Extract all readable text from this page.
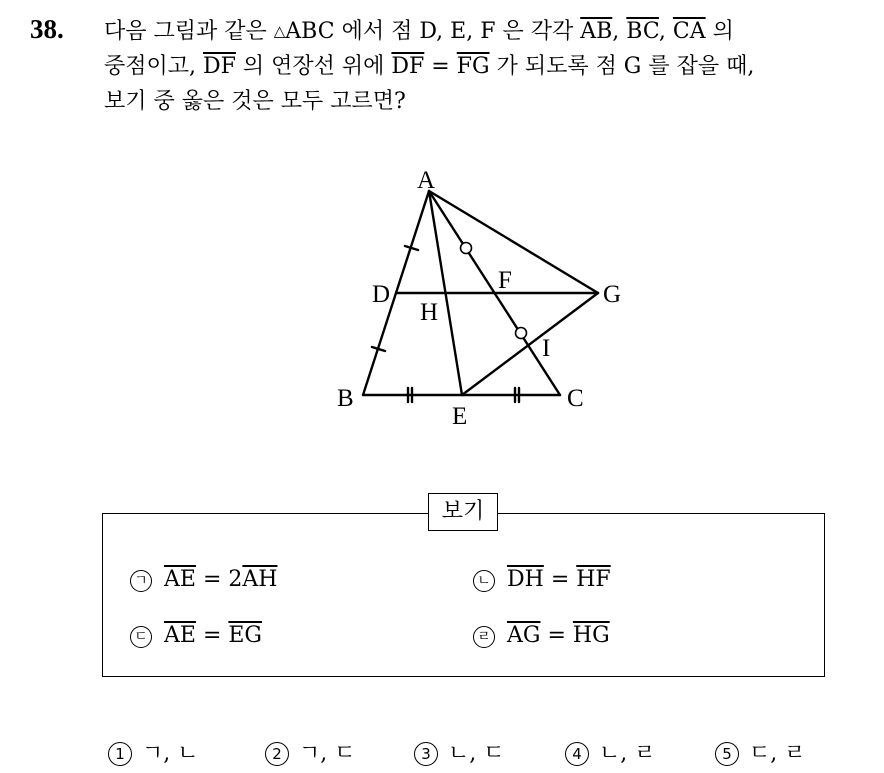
38. 다음 그림과 같은 △ABC 에서 점 D, E, F 은 각각 $\overline{AB}$, $\overline{BC}$, $\overline{CA}$ 의
중점이고, $\overline{DF}$ 의 연장선 위에 $\overline{DF} = \overline{FG}$ 가 되도록 점 G 를 잡을 때,
보기 중 옳은 것은 모두 고르면?
A
B	C
D
E
F
G
H
I
보기
ㄱ $\overline{AE} = 2\overline{AH}$	ㄴ $\overline{DH} = \overline{HF}$
ㄷ $\overline{AE} = \overline{EG}$	ㄹ $\overline{AG} = \overline{HG}$
1 ㄱ, ㄴ	2 ㄱ, ㄷ	3 ㄴ, ㄷ	4 ㄴ, ㄹ	5 ㄷ, ㄹ
